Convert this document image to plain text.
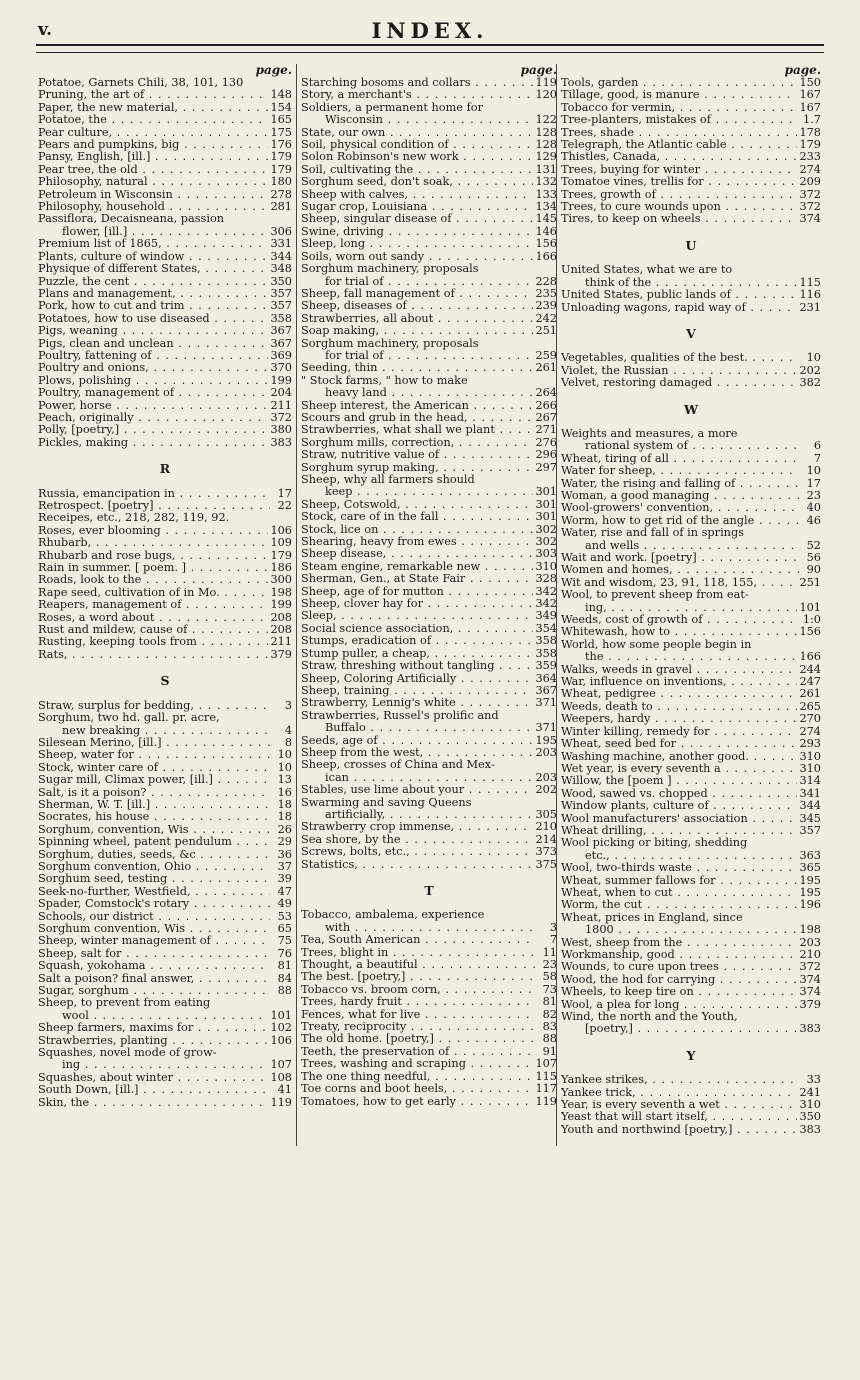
v.	INDEX.
page.
Potatoe, Garnets Chili, 38, 101, 130
Pruning, the art of . . .	148
Paper, the new material, . . .	154
Potatoe, the . . .	165
Pear culture, . . .	175
Pears and pumpkins, big . . .	176
Pansy, English, [ill.] . . .	179
Pear tree, the old . . .	179
Philosophy, natural . . .	180
Petroleum in Wisconsin . . .	278
Philosophy, household . . .	281
Passiflora, Decaisneana, passion
flower, [ill.] . . .	306
Premium list of 1865, . . .	331
Plants, culture of window . . .	344
Physique of different States, . . .	348
Puzzle, the cent . . .	350
Plans and management, . . .	357
Pork, how to cut and trim . . .	357
Potatoes, how to use diseased . . .	358
Pigs, weaning . . .	367
Pigs, clean and unclean . . .	367
Poultry, fattening of . . .	369
Poultry and onions, . . .	370
Plows, polishing . . .	199
Poultry, management of . . .	204
Power, horse . . .	211
Peach, originally . . .	372
Polly, [poetry,] . . .	380
Pickles, making . . .	383
R
Russia, emancipation in . . .	17
Retrospect. [poetry] . . .	22
Receipes, etc., 218, 282, 119, 92.
Roses, ever blooming . . .	106
Rhubarb, . . .	109
Rhubarb and rose bugs, . . .	179
Rain in summer. [ poem. ] . . .	186
Roads, look to the . . .	300
Rape seed, cultivation of in Mo. . . .	198
Reapers, management of . . .	199
Roses, a word about . . .	208
Rust and mildew, cause of . . .	208
Rusting, keeping tools from . . .	211
Rats, . . .	379
S
Straw, surplus for bedding, . . .	3
Sorghum, two hd. gall. pr. acre,
new breaking . . .	4
Silesean Merino, [ill.] . . .	8
Sheep, water for . . .	10
Stock, winter care of . . .	10
Sugar mill, Climax power, [ill.] . . .	13
Salt, is it a poison? . . .	16
Sherman, W. T. [ill.] . . .	18
Socrates, his house . . .	18
Sorghum, convention, Wis . . .	26
Spinning wheel, patent pendulum . . .	29
Sorghum, duties, seeds, &c . . .	36
Sorghum convention, Ohio . . .	37
Sorghum seed, testing . . .	39
Seek-no-further, Westfield, . . .	47
Spader, Comstock's rotary . . .	49
Schools, our district . . .	53
Sorghum convention, Wis . . .	65
Sheep, winter management of . . .	75
Sheep, salt for . . .	76
Squash, yokohama . . .	81
Salt a poison? final answer, . . .	84
Sugar, sorghum . . .	88
Sheep, to prevent from eating
wool . . .	101
Sheep farmers, maxims for . . .	102
Strawberries, planting . . .	106
Squashes, novel mode of grow-
ing . . .	107
Squashes, about winter . . .	108
South Down, [ill.] . . .	41
Skin, the . . .	119
page.
Starching bosoms and collars . . .	119
Story, a merchant's . . .	120
Soldiers, a permanent home for
Wisconsin . . .	122
State, our own . . .	128
Soil, physical condition of . . .	128
Solon Robinson's new work . . .	129
Soil, cultivating the . . .	131
Sorghum seed, don't soak, . . .	132
Sheep with calves, . . .	133
Sugar crop, Louisiana . . .	134
Sheep, singular disease of . . .	145
Swine, driving . . .	146
Sleep, long . . .	156
Soils, worn out sandy . . .	166
Sorghum machinery, proposals
for trial of . . .	228
Sheep, fall management of . . .	235
Sheep, diseases of . . .	239
Strawberries, all about . . .	242
Soap making, . . .	251
Sorghum machinery, proposals
for trial of . . .	259
Seeding, thin . . .	261
" Stock farms, " how to make
heavy land . . .	264
Sheep interest, the American . . .	266
Scours and grub in the head, . . .	267
Strawberries, what shall we plant . . .	271
Sorghum mills, correction, . . .	276
Straw, nutritive value of . . .	296
Sorghum syrup making, . . .	297
Sheep, why all farmers should
keep . . .	301
Sheep, Cotswold, . . .	301
Stock, care of in the fall . . .	301
Stock, lice on . . .	302
Shearing, heavy from ewes . . .	302
Sheep disease, . . .	303
Steam engine, remarkable new . . .	310
Sherman, Gen., at State Fair . . .	328
Sheep, age of for mutton . . .	342
Sheep, clover hay for . . .	342
Sleep, . . .	349
Social science association, . . .	354
Stumps, eradication of . . .	358
Stump puller, a cheap, . . .	358
Straw, threshing without tangling . . .	359
Sheep, Coloring Artificially . . .	364
Sheep, training . . .	367
Strawberry, Lennig's white . . .	371
Strawberries, Russel's prolific and
Buffalo . . .	371
Seeds, age of . . .	195
Sheep from the west, . . .	203
Sheep, crosses of China and Mex-
ican . . .	203
Stables, use lime about your . . .	202
Swarming and saving Queens
artificially, . . .	305
Strawberry crop immense, . . .	210
Sea shore, by the . . .	214
Screws, bolts, etc., . . .	373
Statistics, . . .	375
T
Tobacco, ambalema, experience
with . . .	3
Tea, South American . . .	7
Trees, blight in . . .	11
Thought, a beautiful . . .	23
The best. [poetry,] . . .	58
Tobacco vs. broom corn, . . .	73
Trees, hardy fruit . . .	81
Fences, what for live . . .	82
Treaty, reciprocity . . .	83
The old home. [poetry,] . . .	88
Teeth, the preservation of . . .	91
Trees, washing and scraping . . .	107
The one thing needful, . . .	115
Toe corns and boot heels, . . .	117
Tomatoes, how to get early . . .	119
page.
Tools, garden . . .	150
Tillage, good, is manure . . .	167
Tobacco for vermin, . . .	167
Tree-planters, mistakes of . . .	1.7
Trees, shade . . .	178
Telegraph, the Atlantic cable . . .	179
Thistles, Canada, . . .	233
Trees, buying for winter . . .	274
Tomatoe vines, trellis for . . .	209
Trees, growth of . . .	372
Trees, to cure wounds upon . . .	372
Tires, to keep on wheels . . .	374
U
United States, what we are to
think of the . . .	115
United States, public lands of . . .	116
Unloading wagons, rapid way of . . .	231
V
Vegetables, qualities of the best. . . .	10
Violet, the Russian . . .	202
Velvet, restoring damaged . . .	382
W
Weights and measures, a more
rational system of . . .	6
Wheat, tiring of all . . .	7
Water for sheep, . . .	10
Water, the rising and falling of . . .	17
Woman, a good managing . . .	23
Wool-growers' convention, . . .	40
Worm, how to get rid of the angle . . .	46
Water, rise and fall of in springs
and wells . . .	52
Wait and work. [poetry] . . .	56
Women and homes, . . .	90
Wit and wisdom, 23, 91, 118, 155, . . .	251
Wool, to prevent sheep from eat-
ing, . . .	101
Weeds, cost of growth of . . .	1:0
Whitewash, how to . . .	156
World, how some people begin in
the . . .	166
Walks, weeds in gravel . . .	244
War, influence on inventions, . . .	247
Wheat, pedigree . . .	261
Weeds, death to . . .	265
Weepers, hardy . . .	270
Winter killing, remedy for . . .	274
Wheat, seed bed for . . .	293
Washing machine, another good. . . .	310
Wet year, is every seventh a . . .	310
Willow, the [poem ] . . .	314
Wood, sawed vs. chopped . . .	341
Window plants, culture of . . .	344
Wool manufacturers' association . . .	345
Wheat drilling, . . .	357
Wool picking or biting, shedding
etc., . . .	363
Wool, two-thirds waste . . .	365
Wheat, summer fallows for . . .	195
Wheat, when to cut . . .	195
Worm, the cut . . .	196
Wheat, prices in England, since
1800 . . .	198
West, sheep from the . . .	203
Workmanship, good . . .	210
Wounds, to cure upon trees . . .	372
Wood, the hod for carrying . . .	374
Wheels, to keep tire on . . .	374
Wool, a plea for long . . .	379
Wind, the north and the Youth,
[poetry,] . . .	383
Y
Yankee strikes, . . .	33
Yankee trick, . . .	241
Year, is every seventh a wet . . .	310
Yeast that will start itself, . . .	350
Youth and northwind [poetry,] . . .	383
